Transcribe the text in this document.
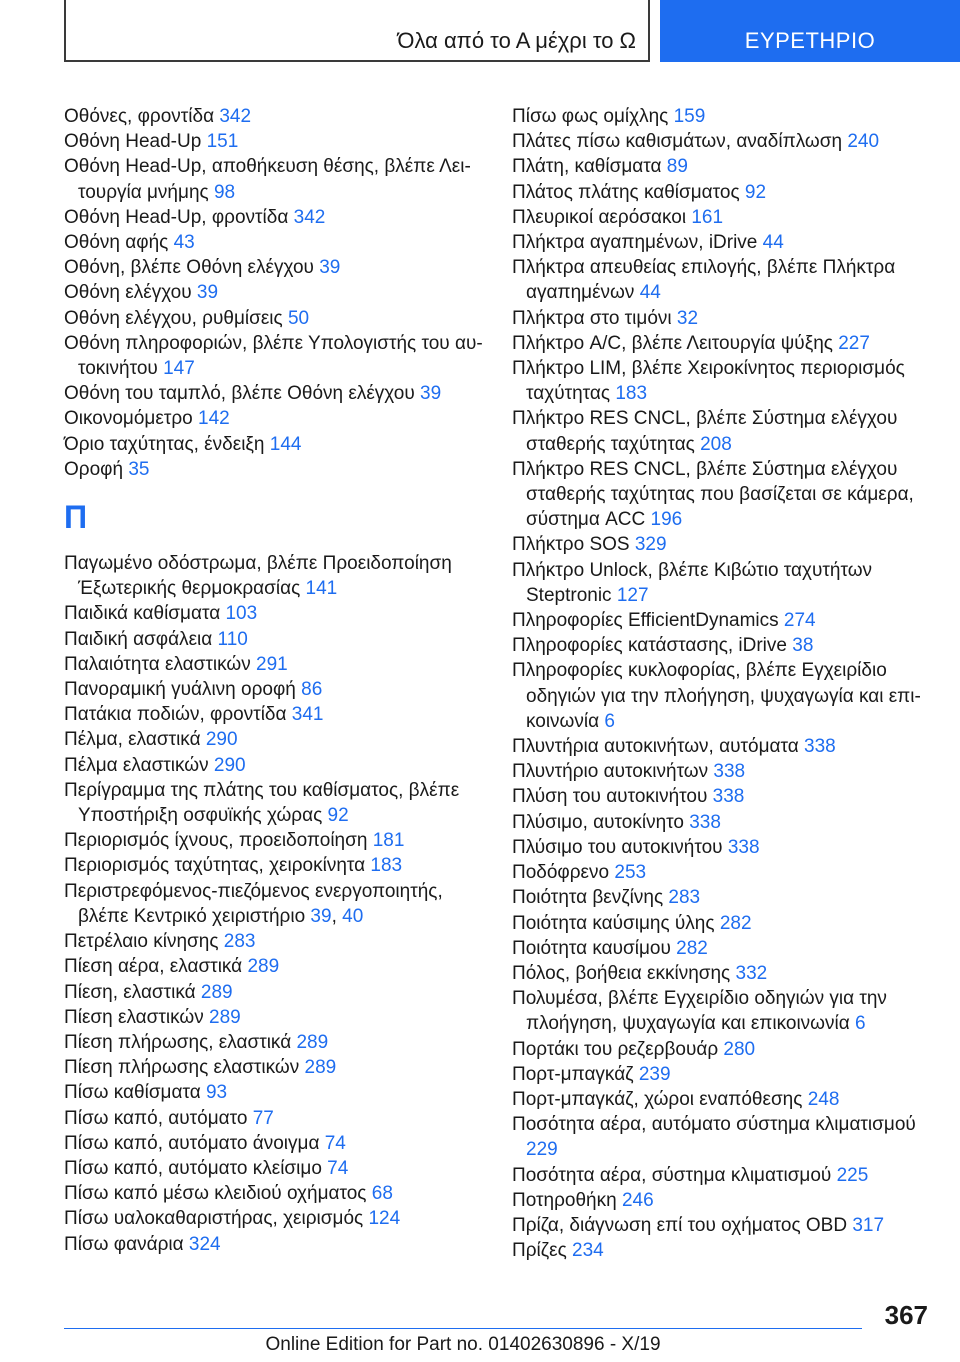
Όλα από το Α μέχρι το Ω	ΕΥΡΕΤΗΡΙΟ
Οθόνες, φροντίδα 342
Οθόνη Head-Up 151
Οθόνη Head-Up, αποθήκευση θέσης, βλέπε Λειτουργία μνήμης 98
Οθόνη Head-Up, φροντίδα 342
Οθόνη αφής 43
Οθόνη, βλέπε Οθόνη ελέγχου 39
Οθόνη ελέγχου 39
Οθόνη ελέγχου, ρυθμίσεις 50
Οθόνη πληροφοριών, βλέπε Υπολογιστής του αυτοκινήτου 147
Οθόνη του ταμπλό, βλέπε Οθόνη ελέγχου 39
Οικονομόμετρο 142
Όριο ταχύτητας, ένδειξη 144
Οροφή 35
Π
Παγωμένο οδόστρωμα, βλέπε Προειδοποίηση Έξωτερικής θερμοκρασίας 141
Παιδικά καθίσματα 103
Παιδική ασφάλεια 110
Παλαιότητα ελαστικών 291
Πανοραμική γυάλινη οροφή 86
Πατάκια ποδιών, φροντίδα 341
Πέλμα, ελαστικά 290
Πέλμα ελαστικών 290
Περίγραμμα της πλάτης του καθίσματος, βλέπε Υποστήριξη οσφυϊκής χώρας 92
Περιορισμός ίχνους, προειδοποίηση 181
Περιορισμός ταχύτητας, χειροκίνητα 183
Περιστρεφόμενος-πιεζόμενος ενεργοποιητής, βλέπε Κεντρικό χειριστήριο 39, 40
Πετρέλαιο κίνησης 283
Πίεση αέρα, ελαστικά 289
Πίεση, ελαστικά 289
Πίεση ελαστικών 289
Πίεση πλήρωσης, ελαστικά 289
Πίεση πλήρωσης ελαστικών 289
Πίσω καθίσματα 93
Πίσω καπό, αυτόματο 77
Πίσω καπό, αυτόματο άνοιγμα 74
Πίσω καπό, αυτόματο κλείσιμο 74
Πίσω καπό μέσω κλειδιού οχήματος 68
Πίσω υαλοκαθαριστήρας, χειρισμός 124
Πίσω φανάρια 324
Πίσω φως ομίχλης 159
Πλάτες πίσω καθισμάτων, αναδίπλωση 240
Πλάτη, καθίσματα 89
Πλάτος πλάτης καθίσματος 92
Πλευρικοί αερόσακοι 161
Πλήκτρα αγαπημένων, iDrive 44
Πλήκτρα απευθείας επιλογής, βλέπε Πλήκτρα αγαπημένων 44
Πλήκτρα στο τιμόνι 32
Πλήκτρο A/C, βλέπε Λειτουργία ψύξης 227
Πλήκτρο LIM, βλέπε Χειροκίνητος περιορισμός ταχύτητας 183
Πλήκτρο RES CNCL, βλέπε Σύστημα ελέγχου σταθερής ταχύτητας 208
Πλήκτρο RES CNCL, βλέπε Σύστημα ελέγχου σταθερής ταχύτητας που βασίζεται σε κάμερα, σύστημα ACC 196
Πλήκτρο SOS 329
Πλήκτρο Unlock, βλέπε Κιβώτιο ταχυτήτων Steptronic 127
Πληροφορίες EfficientDynamics 274
Πληροφορίες κατάστασης, iDrive 38
Πληροφορίες κυκλοφορίας, βλέπε Εγχειρίδιο οδηγιών για την πλοήγηση, ψυχαγωγία και επικοινωνία 6
Πλυντήρια αυτοκινήτων, αυτόματα 338
Πλυντήριο αυτοκινήτων 338
Πλύση του αυτοκινήτου 338
Πλύσιμο, αυτοκίνητο 338
Πλύσιμο του αυτοκινήτου 338
Ποδόφρενο 253
Ποιότητα βενζίνης 283
Ποιότητα καύσιμης ύλης 282
Ποιότητα καυσίμου 282
Πόλος, βοήθεια εκκίνησης 332
Πολυμέσα, βλέπε Εγχειρίδιο οδηγιών για την πλοήγηση, ψυχαγωγία και επικοινωνία 6
Πορτάκι του ρεζερβουάρ 280
Πορτ-μπαγκάζ 239
Πορτ-μπαγκάζ, χώροι εναπόθεσης 248
Ποσότητα αέρα, αυτόματο σύστημα κλιματισμού 229
Ποσότητα αέρα, σύστημα κλιματισμού 225
Ποτηροθήκη 246
Πρίζα, διάγνωση επί του οχήματος OBD 317
Πρίζες 234
367
Online Edition for Part no. 01402630896 - X/19
